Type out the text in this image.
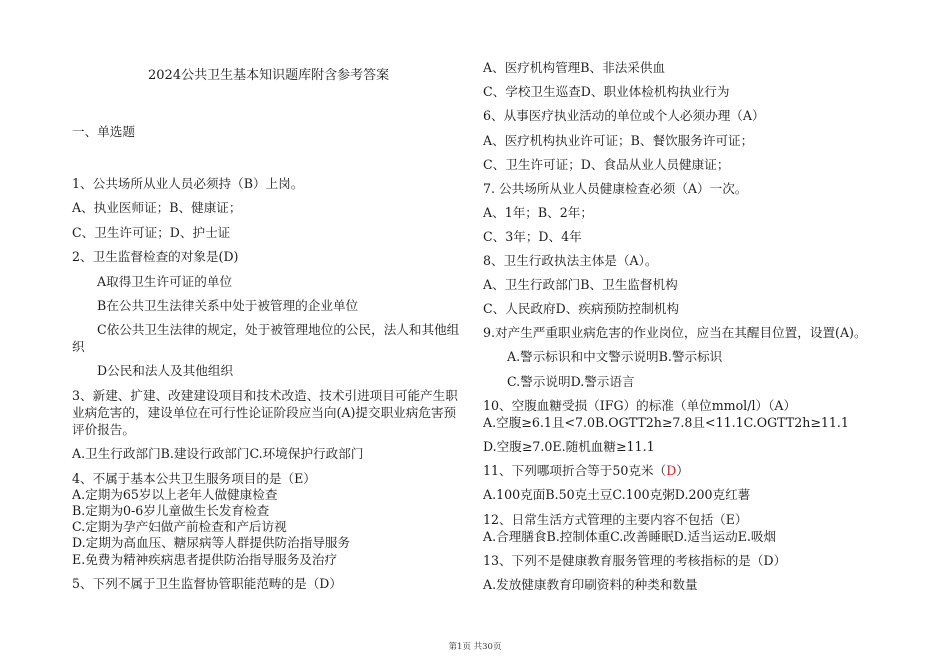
2024公共卫生基本知识题库附含参考答案
一、单选题
1、公共场所从业人员必须持（B）上岗。
A、执业医师证；B、健康证；
C、卫生许可证；D、护士证
2、卫生监督检查的对象是(D)
A取得卫生许可证的单位
B在公共卫生法律关系中处于被管理的企业单位
C依公共卫生法律的规定，处于被管理地位的公民，法人和其他组
织
D公民和法人及其他组织
3、新建、扩建、改建建设项目和技术改造、技术引进项目可能产生职
业病危害的，建设单位在可行性论证阶段应当向(A)提交职业病危害预
评价报告。
A.卫生行政部门B.建设行政部门C.环境保护行政部门
4、不属于基本公共卫生服务项目的是（E）
A.定期为65岁以上老年人做健康检查
B.定期为0-6岁儿童做生长发育检查
C.定期为孕产妇做产前检查和产后访视
D.定期为高血压、糖尿病等人群提供防治指导服务
E.免费为精神疾病患者提供防治指导服务及治疗
5、下列不属于卫生监督协管职能范畴的是（D）
A、医疗机构管理B、非法采供血
C、学校卫生巡查D、职业体检机构执业行为
6、从事医疗执业活动的单位或个人必须办理（A）
A、医疗机构执业许可证；B、餐饮服务许可证；
C、卫生许可证；D、食品从业人员健康证；
7. 公共场所从业人员健康检查必须（A）一次。
A、1年；B、2年；
C、3年；D、4年
8、卫生行政执法主体是（A）。
A、卫生行政部门B、卫生监督机构
C、人民政府D、疾病预防控制机构
9.对产生严重职业病危害的作业岗位，应当在其醒目位置，设置(A)。
A.警示标识和中文警示说明B.警示标识
C.警示说明D.警示语言
10、空腹血糖受损（IFG）的标准（单位mmol/l）（A）
A.空腹≥6.1且<7.0B.OGTT2h≥7.8且<11.1C.OGTT2h≥11.1
D.空腹≥7.0E.随机血糖≥11.1
11、下列哪项折合等于50克米（D）
A.100克面B.50克土豆C.100克粥D.200克红薯
12、日常生活方式管理的主要内容不包括（E）
A.合理膳食B.控制体重C.改善睡眠D.适当运动E.吸烟
13、下列不是健康教育服务管理的考核指标的是（D）
A.发放健康教育印刷资料的种类和数量
第1页 共30页
